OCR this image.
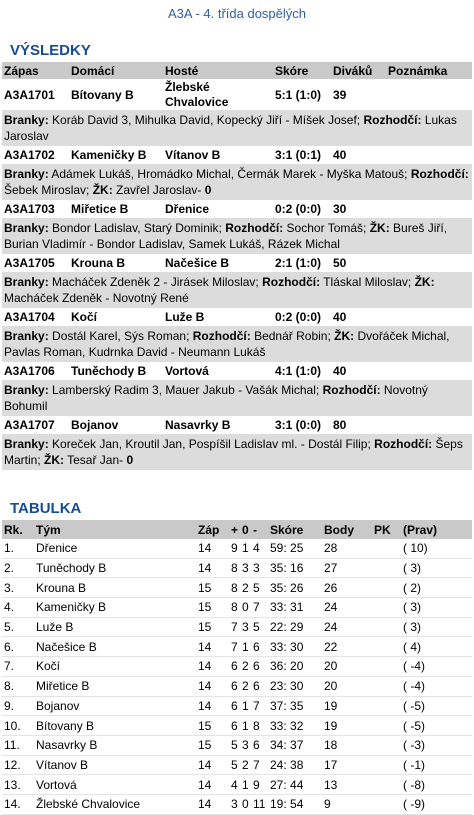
A3A - 4. třída dospělých
VÝSLEDKY
Zápas	Domácí	Hosté	Skóre	Diváků	Poznámka
A3A1701	Bítovany B	Žlebské Chvalovice	5:1 (1:0)	39	
Branky: Koráb David 3, Mihulka David, Kopecký Jiří - Míšek Josef; Rozhodčí: Lukas Jaroslav					
A3A1702	Kameničky B	Vítanov B	3:1 (0:1)	40	
Branky: Adámek Lukáš, Hromádko Michal, Čermák Marek - Myška Matouš; Rozhodčí: Šebek Miroslav; ŽK: Zavřel Jaroslav- 0					
A3A1703	Miřetice B	Dřenice	0:2 (0:0)	30	
Branky: Bondor Ladislav, Starý Dominik; Rozhodčí: Sochor Tomáš; ŽK: Bureš Jiří, Burian Vladimír - Bondor Ladislav, Samek Lukáš, Rázek Michal					
A3A1705	Krouna B	Načešice B	2:1 (1:0)	50	
Branky: Macháček Zdeněk 2 - Jirásek Miloslav; Rozhodčí: Tláskal Miloslav; ŽK: Macháček Zdeněk - Novotný René					
A3A1704	Kočí	Luže B	0:2 (0:0)	40	
Branky: Dostál Karel, Sýs Roman; Rozhodčí: Bednář Robin; ŽK: Dvořáček Michal, Pavlas Roman, Kudrnka David - Neumann Lukáš					
A3A1706	Tuněchody B	Vortová	4:1 (1:0)	40	
Branky: Lamberský Radim 3, Mauer Jakub - Vašák Michal; Rozhodčí: Novotný Bohumil					
A3A1707	Bojanov	Nasavrky B	3:1 (0:0)	80	
Branky: Koreček Jan, Kroutil Jan, Pospíšil Ladislav ml. - Dostál Filip; Rozhodčí: Šeps Martin; ŽK: Tesař Jan- 0					
TABULKA
Rk.	Tým	Záp	+	0	-	Skóre	Body	PK	(Prav)
1.	Dřenice	14	9	1	4	59: 25	28		( 10)
2.	Tuněchody B	14	8	3	3	35: 16	27		( 3)
3.	Krouna B	15	8	2	5	35: 26	26		( 2)
4.	Kameničky B	15	8	0	7	33: 31	24		( 3)
5.	Luže B	15	7	3	5	22: 29	24		( 3)
6.	Načešice B	14	7	1	6	33: 30	22		( 4)
7.	Kočí	14	6	2	6	36: 20	20		( -4)
8.	Miřetice B	14	6	2	6	23: 30	20		( -4)
9.	Bojanov	14	6	1	7	37: 35	19		( -5)
10.	Bítovany B	15	6	1	8	33: 32	19		( -5)
11.	Nasavrky B	15	5	3	6	34: 37	18		( -3)
12.	Vítanov B	14	5	2	7	24: 38	17		( -1)
13.	Vortová	14	4	1	9	27: 44	13		( -8)
14.	Žlebské Chvalovice	14	3	0	11	19: 54	9		( -9)
